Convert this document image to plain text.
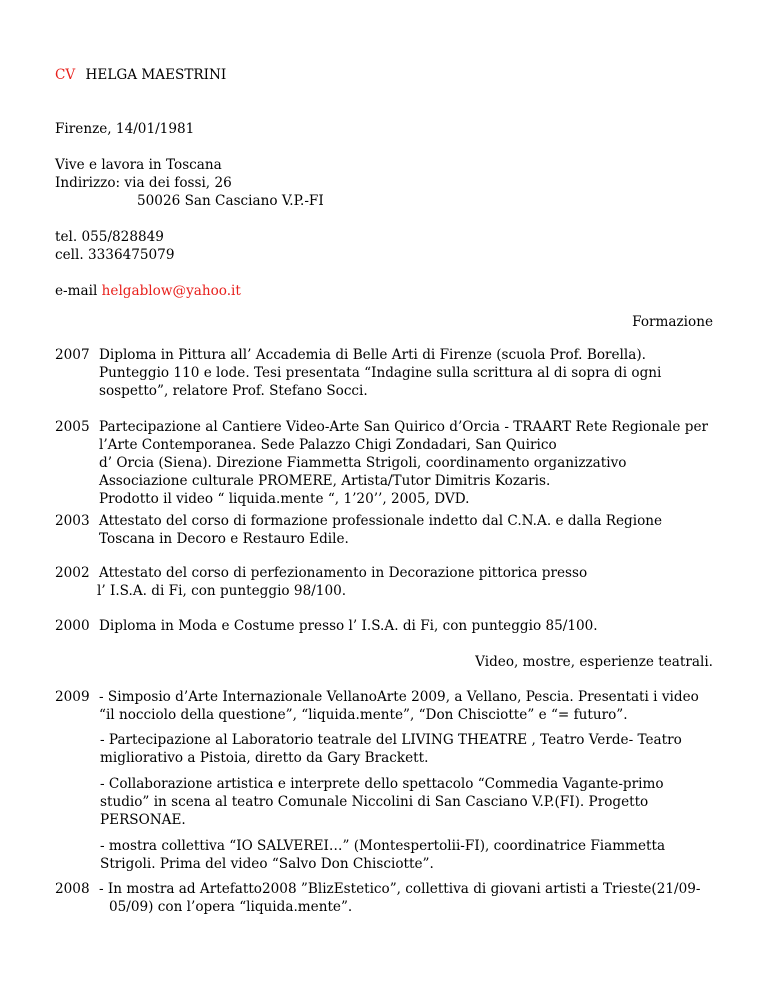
CV HELGA MAESTRINI
Firenze, 14/01/1981
Vive e lavora in Toscana
Indirizzo: via dei fossi, 26
50026 San Casciano V.P.-FI
tel. 055/828849
cell. 3336475079
e-mail helgablow@yahoo.it
Formazione
2007 Diploma in Pittura all’ Accademia di Belle Arti di Firenze (scuola Prof. Borella).
Punteggio 110 e lode. Tesi presentata “Indagine sulla scrittura al di sopra di ogni
sospetto”, relatore Prof. Stefano Socci.
2005 Partecipazione al Cantiere Video-Arte San Quirico d’Orcia - TRAART Rete Regionale per
l’Arte Contemporanea. Sede Palazzo Chigi Zondadari, San Quirico
d’ Orcia (Siena). Direzione Fiammetta Strigoli, coordinamento organizzativo
Associazione culturale PROMERE, Artista/Tutor Dimitris Kozaris.
Prodotto il video “ liquida.mente “, 1’20’’, 2005, DVD.
2003 Attestato del corso di formazione professionale indetto dal C.N.A. e dalla Regione
Toscana in Decoro e Restauro Edile.
2002 Attestato del corso di perfezionamento in Decorazione pittorica presso
l’ I.S.A. di Fi, con punteggio 98/100.
2000 Diploma in Moda e Costume presso l’ I.S.A. di Fi, con punteggio 85/100.
Video, mostre, esperienze teatrali.
2009 - Simposio d’Arte Internazionale VellanoArte 2009, a Vellano, Pescia. Presentati i video
“il nocciolo della questione”, “liquida.mente”, “Don Chisciotte” e “= futuro”.
- Partecipazione al Laboratorio teatrale del LIVING THEATRE , Teatro Verde- Teatro
migliorativo a Pistoia, diretto da Gary Brackett.
- Collaborazione artistica e interprete dello spettacolo “Commedia Vagante-primo
studio” in scena al teatro Comunale Niccolini di San Casciano V.P.(FI). Progetto
PERSONAE.
- mostra collettiva “IO SALVEREI…” (Montespertolii-FI), coordinatrice Fiammetta
Strigoli. Prima del video “Salvo Don Chisciotte”.
2008 - In mostra ad Artefatto2008 ”BlizEstetico”, collettiva di giovani artisti a Trieste(21/09-
05/09) con l’opera “liquida.mente”.
